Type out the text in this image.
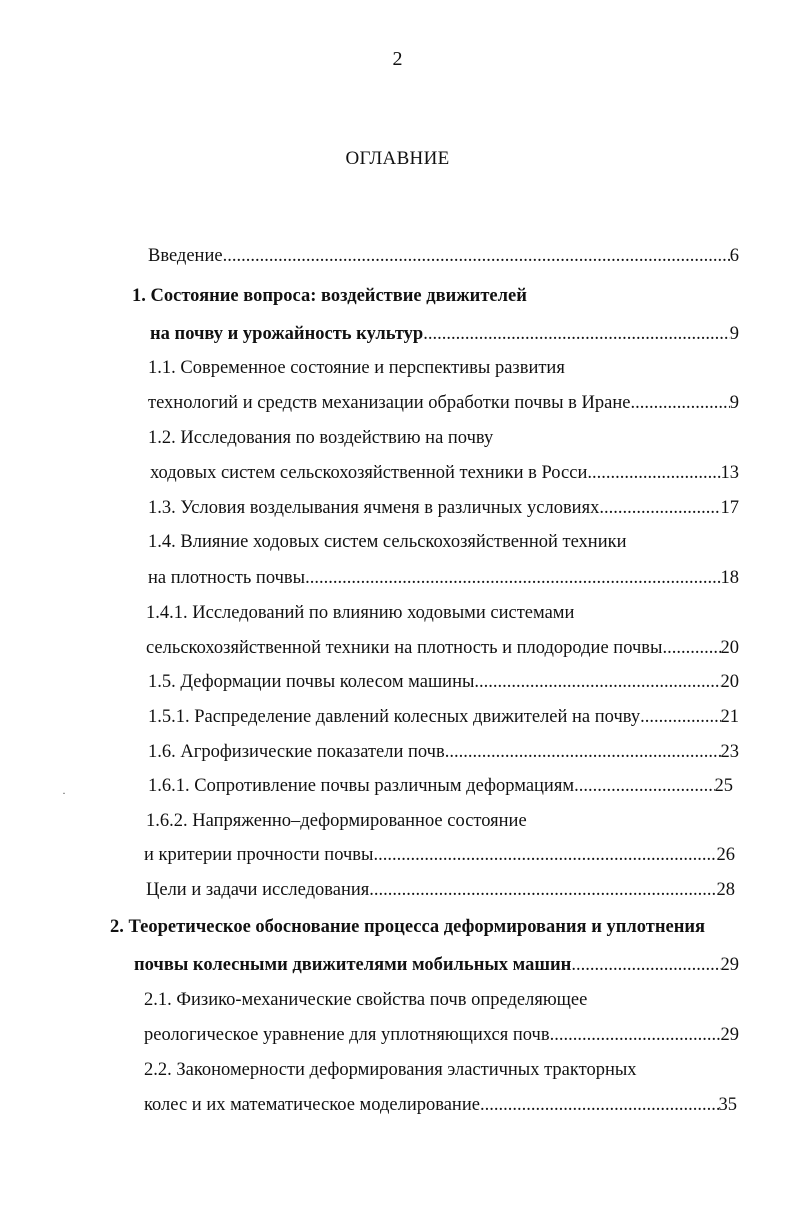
2
ОГЛАВНИЕ
·
Введение .....	6
1. Состояние вопроса: воздействие движителей
на почву и урожайность культур .....	9
1.1. Современное состояние и перспективы развития
технологий и средств механизации обработки почвы в Иране .....	9
1.2. Исследования по воздействию на почву
ходовых систем сельскохозяйственной техники в Росси .....	13
1.3. Условия возделывания ячменя в различных условиях .....	17
1.4. Влияние ходовых систем сельскохозяйственной техники
на плотность почвы .....	18
1.4.1. Исследований по влиянию ходовыми системами
сельскохозяйственной техники на плотность и плодородие почвы .....	20
1.5. Деформации почвы колесом машины .....	20
1.5.1. Распределение давлений колесных движителей на почву .....	21
1.6. Агрофизические показатели почв .....	23
1.6.1. Сопротивление почвы различным деформациям .....	25
1.6.2. Напряженно–деформированное состояние
и критерии прочности почвы .....	26
Цели и задачи исследования .....	28
2. Теоретическое обоснование процесса деформирования и уплотнения
почвы колесными движителями мобильных машин .....	29
2.1. Физико-механические свойства почв определяющее
реологическое уравнение для уплотняющихся почв .....	29
2.2. Закономерности деформирования эластичных тракторных
колес и их математическое моделирование .....	35
